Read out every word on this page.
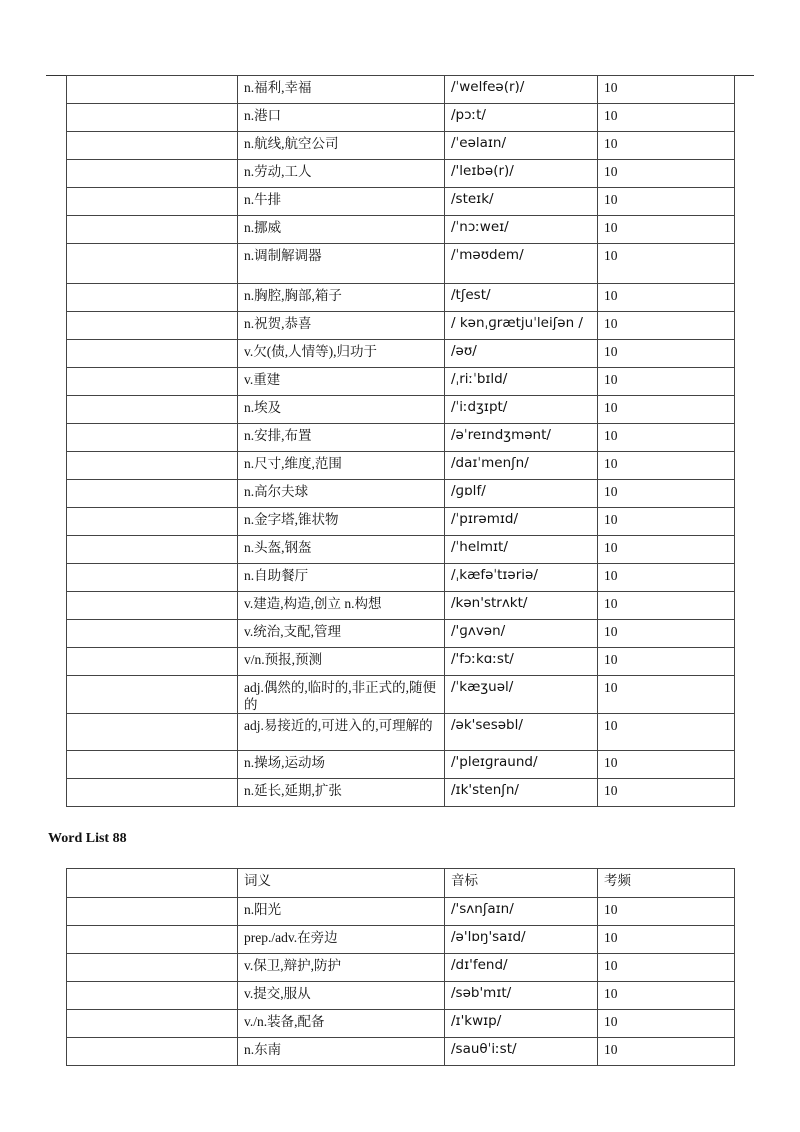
	n.福利,幸福	/ˈwelfeə(r)/	10
	n.港口	/pɔːt/	10
	n.航线,航空公司	/ˈeəlaɪn/	10
	n.劳动,工人	/'leɪbə(r)/	10
	n.牛排	/steɪk/	10
	n.挪威	/ˈnɔːweɪ/	10
	n.调制解调器	/ˈməʊdem/	10
	n.胸腔,胸部,箱子	/tʃest/	10
	n.祝贺,恭喜	/ kənˌɡrætjuˈleiʃən /	10
	v.欠(债,人情等),归功于	/əʊ/	10
	v.重建	/ˌriːˈbɪld/	10
	n.埃及	/ˈiːdʒɪpt/	10
	n.安排,布置	/əˈreɪndʒmənt/	10
	n.尺寸,维度,范围	/daɪˈmenʃn/	10
	n.高尔夫球	/ɡɒlf/	10
	n.金字塔,锥状物	/ˈpɪrəmɪd/	10
	n.头盔,钢盔	/ˈhelmɪt/	10
	n.自助餐厅	/ˌkæfəˈtɪəriə/	10
	v.建造,构造,创立 n.构想	/kən'strʌkt/	10
	v.统治,支配,管理	/'ɡʌvən/	10
	v/n.预报,预测	/'fɔːkɑːst/	10
	adj.偶然的,临时的,非正式的,随便的	/ˈkæʒuəl/	10
	adj.易接近的,可进入的,可理解的	/ək'sesəbl/	10
	n.操场,运动场	/'pleɪɡraund/	10
	n.延长,延期,扩张	/ɪk'stenʃn/	10
Word List 88
	词义	音标	考频
	n.阳光	/'sʌnʃaɪn/	10
	prep./adv.在旁边	/ə'lɒŋ'saɪd/	10
	v.保卫,辩护,防护	/dɪ'fend/	10
	v.提交,服从	/səb'mɪt/	10
	v./n.装备,配备	/ɪ'kwɪp/	10
	n.东南	/sauθˈiːst/	10
